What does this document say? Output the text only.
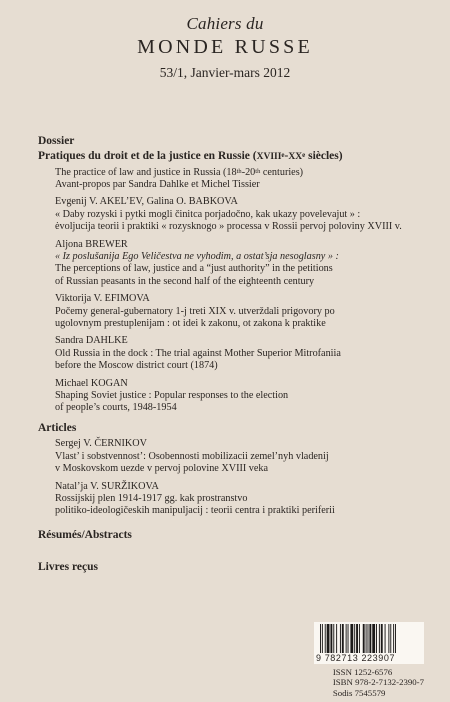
Cahiers du
MONDE RUSSE
53/1, Janvier-mars 2012
Dossier
Pratiques du droit et de la justice en Russie (XVIIIe-XXe siècles)
The practice of law and justice in Russia (18th-20th centuries)
Avant-propos par Sandra Dahlke et Michel Tissier
Evgenij V. AKEL’EV, Galina O. BABKOVA
« Daby rozyski i pytki mogli činitca porjadočno, kak ukazy povelevajut » :
ėvoljucija teorii i praktiki « rozysknogo » processa v Rossii pervoj poloviny XVIII v.
Aljona BREWER
« Iz poslušanija Ego Veličestva ne vyhodim, a ostat’sja nesoglasny » :
The perceptions of law, justice and a “just authority” in the petitions
of Russian peasants in the second half of the eighteenth century
Viktorija V. EFIMOVA
Počemy general-gubernatory 1-j treti XIX v. utverždali prigovory po
ugolovnym prestuplenijam : ot idei k zakonu, ot zakona k praktike
Sandra DAHLKE
Old Russia in the dock : The trial against Mother Superior Mitrofaniia
before the Moscow district court (1874)
Michael KOGAN
Shaping Soviet justice : Popular responses to the election
of people’s courts, 1948-1954
Articles
Sergej V. ČERNIKOV
Vlast’ i sobstvennost’: Osobennosti mobilizacii zemel’nyh vladenij
v Moskovskom uezde v pervoj polovine XVIII veka
Natal’ja V. SURŽIKOVA
Rossijskij plen 1914-1917 gg. kak prostranstvo
politiko-ideologičeskih manipuljacij : teorii centra i praktiki periferii
Résumés/Abstracts
Livres reçus
9 782713 223907
ISSN 1252-6576
ISBN 978-2-7132-2390-7
Sodis 7545579
